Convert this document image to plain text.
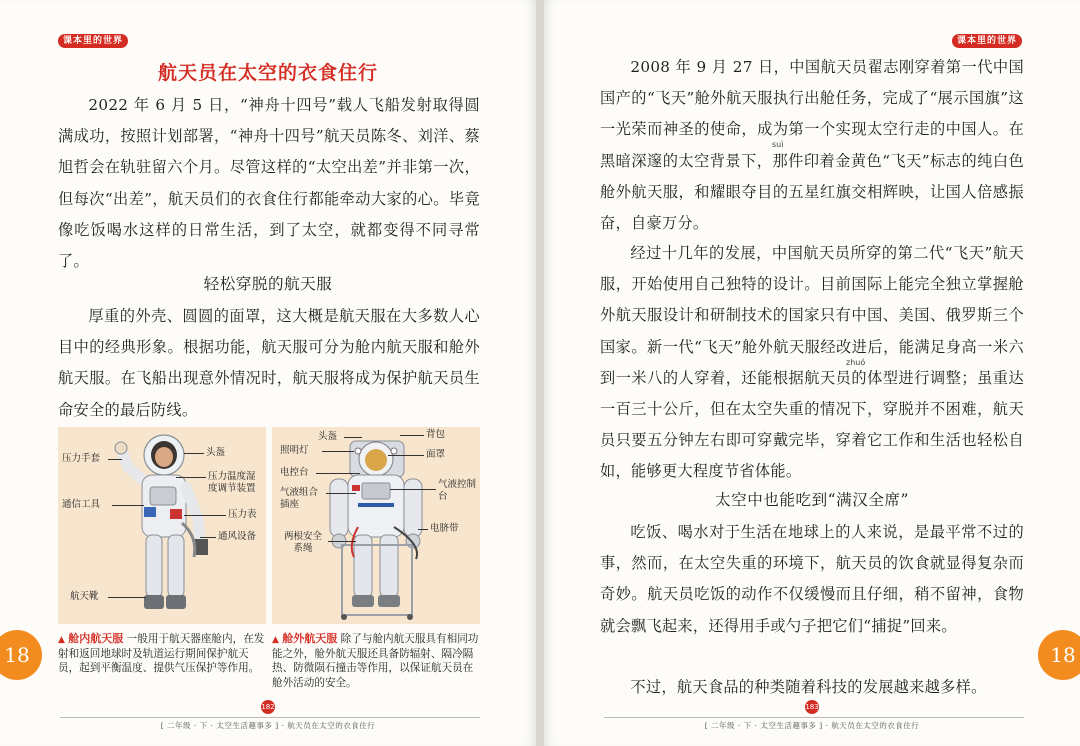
课本里的世界
航天员在太空的衣食住行

2022 年 6 月 5 日，“神舟十四号”载人飞船发射取得圆满成功，按照计划部署，“神舟十四号”航天员陈冬、刘洋、蔡旭哲会在轨驻留六个月。尽管这样的“太空出差”并非第一次，但每次“出差”，航天员们的衣食住行都能牵动大家的心。毕竟像吃饭喝水这样的日常生活，到了太空，就都变得不同寻常了。

轻松穿脱的航天服

厚重的外壳、圆圆的面罩，这大概是航天服在大多数人心目中的经典形象。根据功能，航天服可分为舱内航天服和舱外航天服。在飞船出现意外情况时，航天服将成为保护航天员生命安全的最后防线。

压力手套
头盔
压力温度湿度调节装置
通信工具
压力表
通风设备
航天靴
头盔	背包
照明灯	面罩
电控台
气液控制台
气液组合插座
两根安全系绳
电脐带
▲ 舱内航天服 一般用于航天器座舱内，在发射和返回地球时及轨道运行期间保护航天员，起到平衡温度、提供气压保护等作用。
▲ 舱外航天服 除了与舱内航天服具有相同功能之外，舱外航天服还具备防辐射、隔冷隔热、防微陨石撞击等作用，以保证航天员在舱外活动的安全。
18
182
[ 二年级 · 下 · 太空生活趣事多 ] · 航天员在太空的衣食住行
课本里的世界

2008 年 9 月 27 日，中国航天员翟志刚穿着第一代中国国产的“飞天”舱外航天服执行出舱任务，完成了“展示国旗”这一光荣而神圣的使命，成为第一个实现太空行走的中国人。在黑暗深邃的太空背景下，那件印着金黄色“飞天”标志的纯白色舱外航天服，和耀眼夺目的五星红旗交相辉映，让国人倍感振奋，自豪万分。

suì

经过十几年的发展，中国航天员所穿的第二代“飞天”航天服，开始使用自己独特的设计。目前国际上能完全独立掌握舱外航天服设计和研制技术的国家只有中国、美国、俄罗斯三个国家。新一代“飞天”舱外航天服经改进后，能满足身高一米六到一米八的人穿着，还能根据航天员的体型进行调整；虽重达一百三十公斤，但在太空失重的情况下，穿脱并不困难，航天员只要五分钟左右即可穿戴完毕，穿着它工作和生活也轻松自如，能够更大程度节省体能。

zhuó
太空中也能吃到“满汉全席”

吃饭、喝水对于生活在地球上的人来说，是最平常不过的事，然而，在太空失重的环境下，航天员的饮食就显得复杂而奇妙。航天员吃饭的动作不仅缓慢而且仔细，稍不留神，食物就会飘飞起来，还得用手或勺子把它们“捕捉”回来。

不过，航天食品的种类随着科技的发展越来越多样。

18
183
[ 二年级 · 下 · 太空生活趣事多 ] · 航天员在太空的衣食住行
